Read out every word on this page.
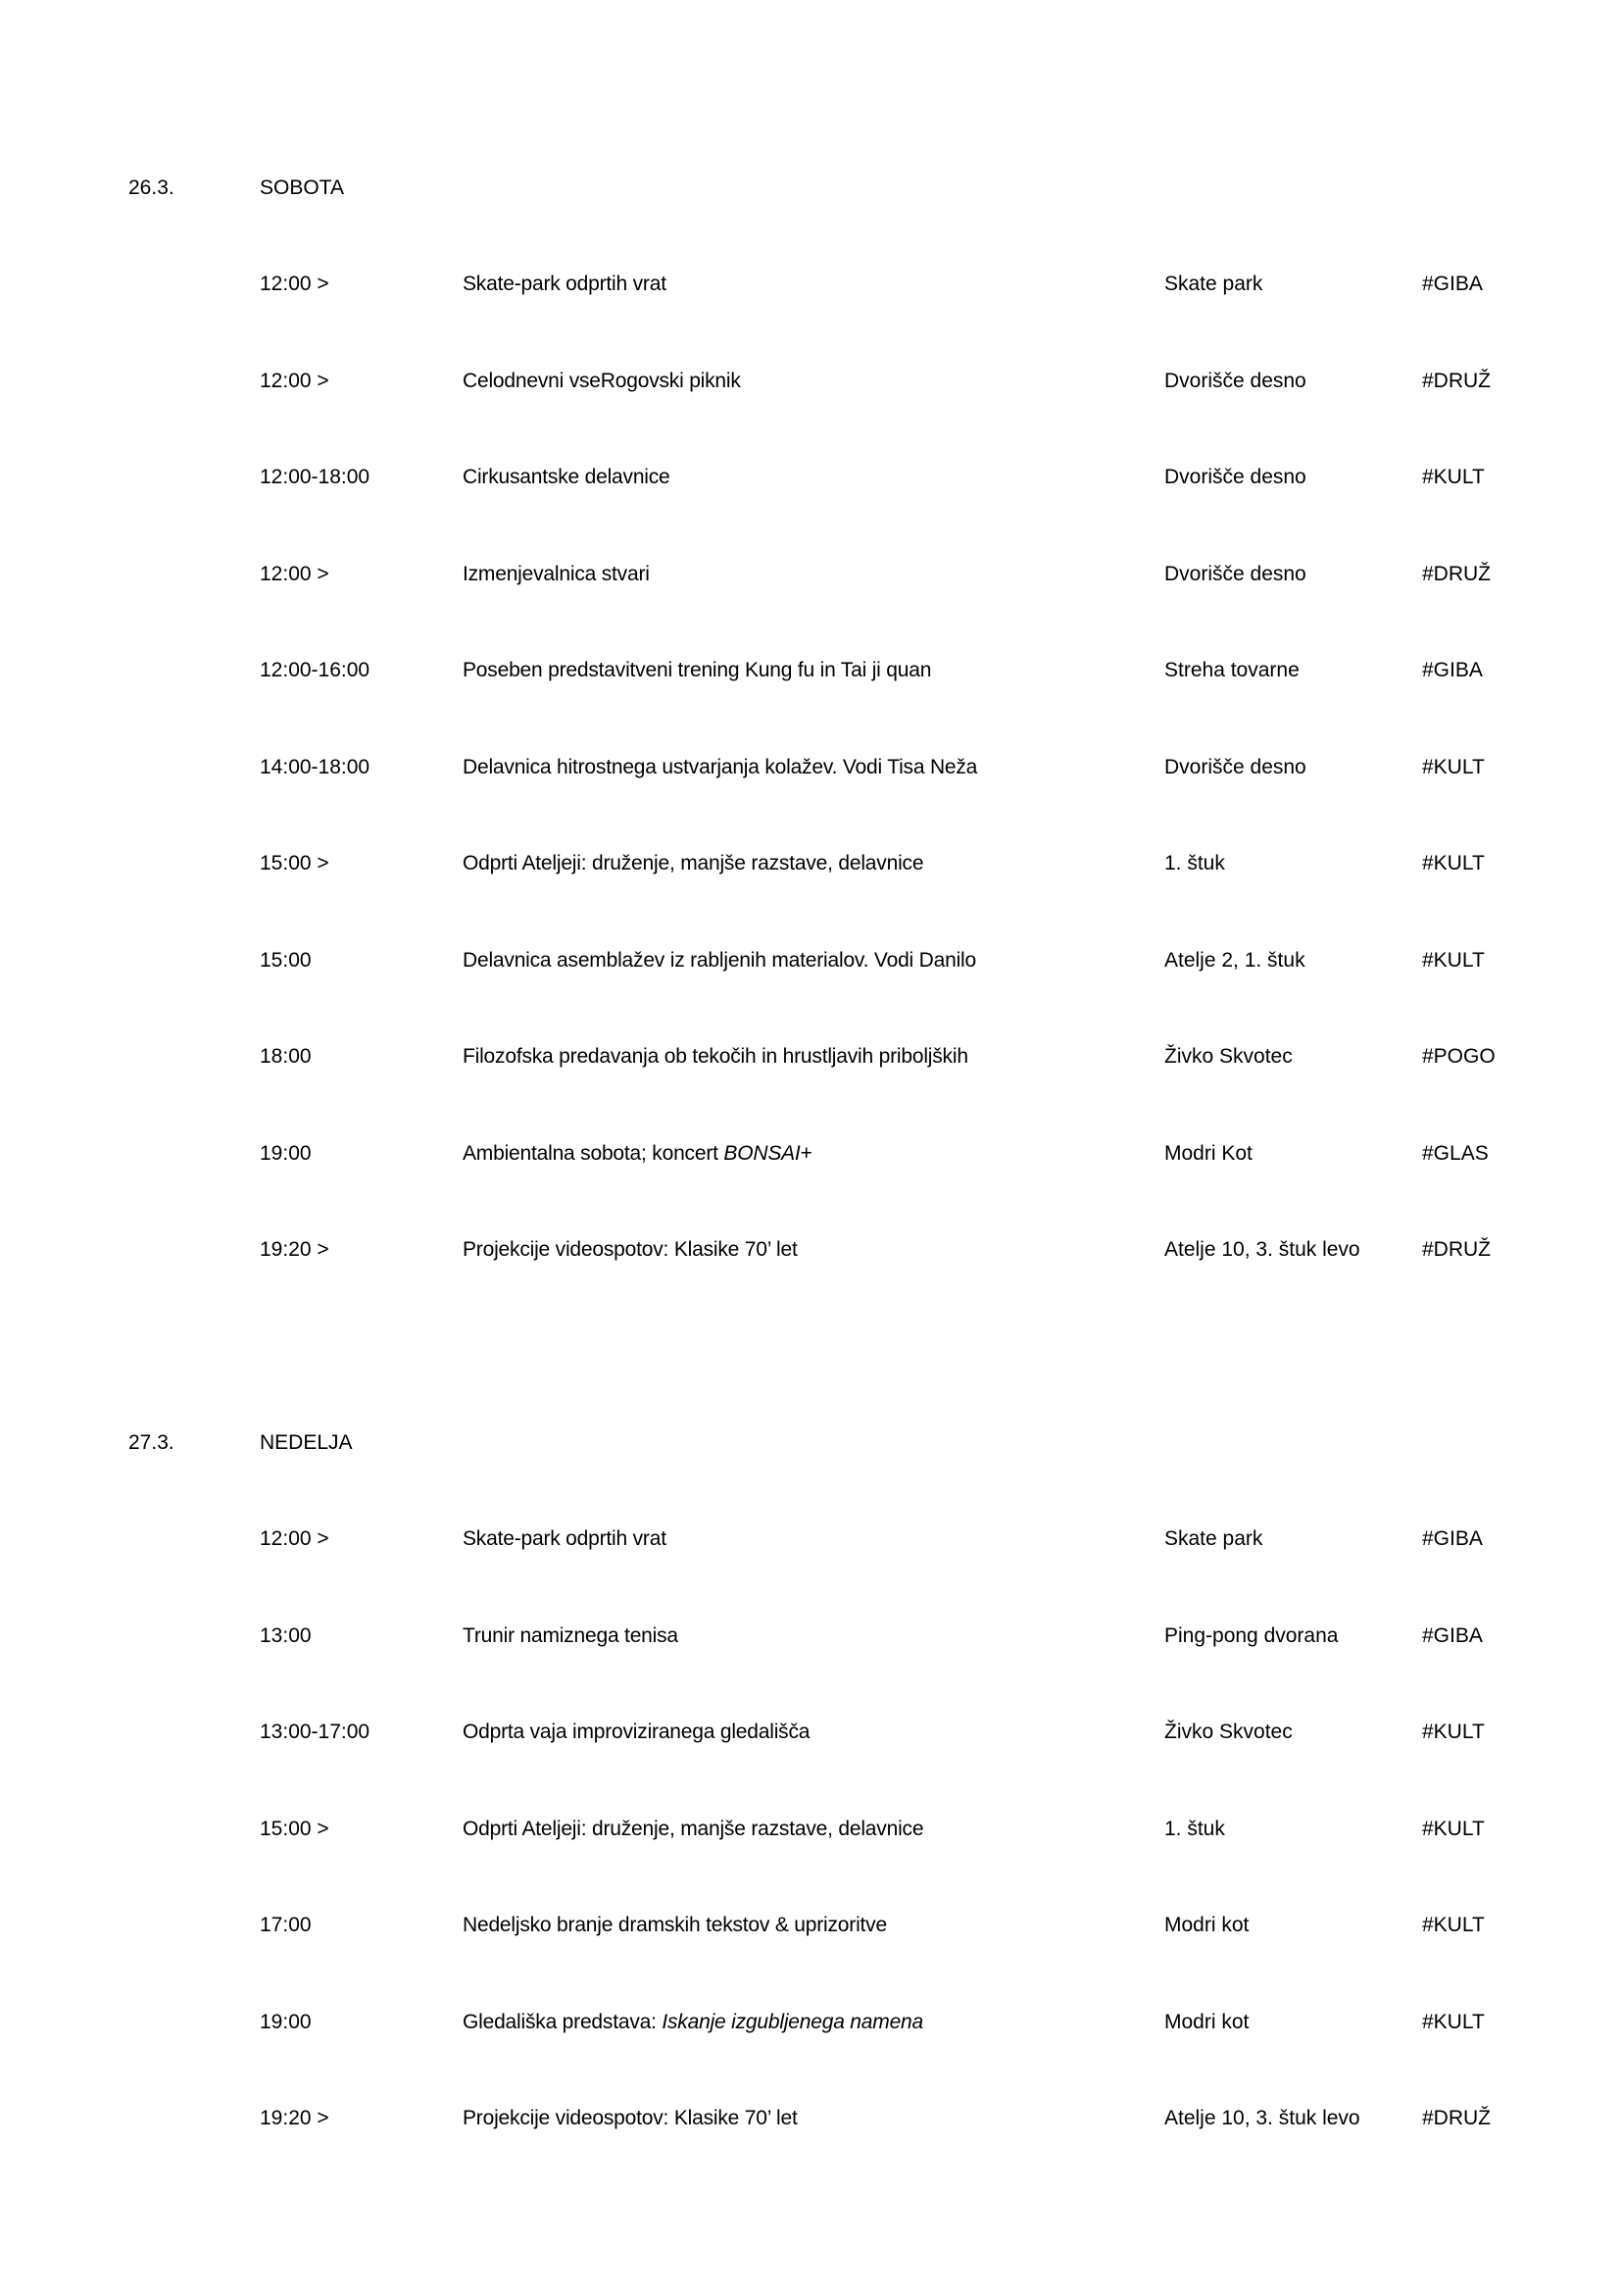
26.3.	SOBOTA
12:00 >	Skate-park odprtih vrat	Skate park	#GIBA
12:00 >	Celodnevni vseRogovski piknik	Dvorišče desno	#DRUŽ
12:00-18:00	Cirkusantske delavnice	Dvorišče desno	#KULT
12:00 >	Izmenjevalnica stvari	Dvorišče desno	#DRUŽ
12:00-16:00	Poseben predstavitveni trening Kung fu in Tai ji quan	Streha tovarne	#GIBA
14:00-18:00	Delavnica hitrostnega ustvarjanja kolažev. Vodi Tisa Neža	Dvorišče desno	#KULT
15:00 >	Odprti Ateljeji: druženje, manjše razstave, delavnice	1. štuk	#KULT
15:00	Delavnica asemblažev iz rabljenih materialov. Vodi Danilo	Atelje 2, 1. štuk	#KULT
18:00	Filozofska predavanja ob tekočih in hrustljavih priboljških	Živko Skvotec	#POGO
19:00	Ambientalna sobota; koncert BONSAI+	Modri Kot	#GLAS
19:20 >	Projekcije videospotov: Klasike 70’ let	Atelje 10, 3. štuk levo	#DRUŽ
27.3.	NEDELJA
12:00 >	Skate-park odprtih vrat	Skate park	#GIBA
13:00	Trunir namiznega tenisa	Ping-pong dvorana	#GIBA
13:00-17:00	Odprta vaja improviziranega gledališča	Živko Skvotec	#KULT
15:00 >	Odprti Ateljeji: druženje, manjše razstave, delavnice	1. štuk	#KULT
17:00	Nedeljsko branje dramskih tekstov & uprizoritve	Modri kot	#KULT
19:00	Gledališka predstava: Iskanje izgubljenega namena	Modri kot	#KULT
19:20 >	Projekcije videospotov: Klasike 70’ let	Atelje 10, 3. štuk levo	#DRUŽ
